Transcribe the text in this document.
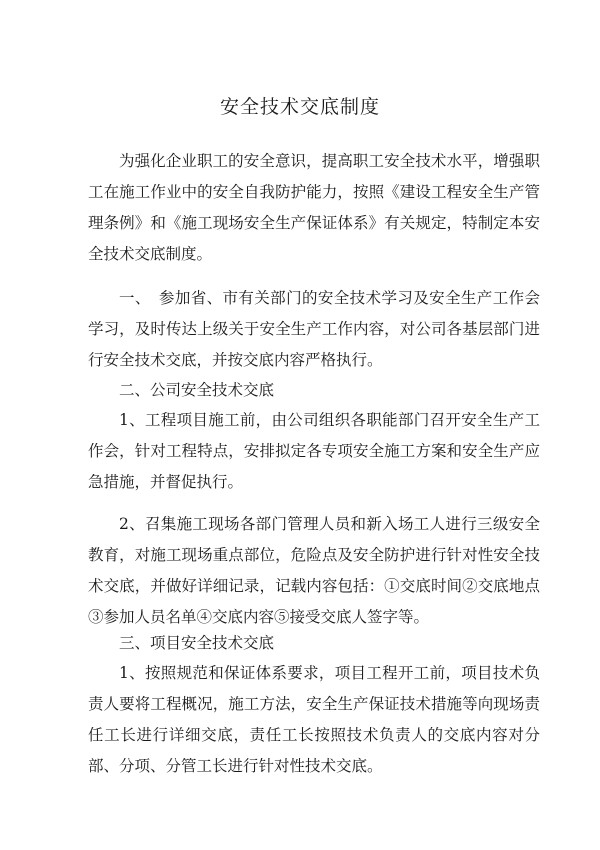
安全技术交底制度

为强化企业职工的安全意识，提高职工安全技术水平，增强职工在施工作业中的安全自我防护能力，按照《建设工程安全生产管理条例》和《施工现场安全生产保证体系》有关规定，特制定本安全技术交底制度。

一、　参加省、市有关部门的安全技术学习及安全生产工作会学习，及时传达上级关于安全生产工作内容，对公司各基层部门进行安全技术交底，并按交底内容严格执行。

二、公司安全技术交底

1、工程项目施工前，由公司组织各职能部门召开安全生产工作会，针对工程特点，安排拟定各专项安全施工方案和安全生产应急措施，并督促执行。

2、召集施工现场各部门管理人员和新入场工人进行三级安全教育，对施工现场重点部位，危险点及安全防护进行针对性安全技术交底，并做好详细记录，记载内容包括：①交底时间②交底地点③参加人员名单④交底内容⑤接受交底人签字等。

三、项目安全技术交底

1、按照规范和保证体系要求，项目工程开工前，项目技术负责人要将工程概况，施工方法，安全生产保证技术措施等向现场责任工长进行详细交底，责任工长按照技术负责人的交底内容对分部、分项、分管工长进行针对性技术交底。
